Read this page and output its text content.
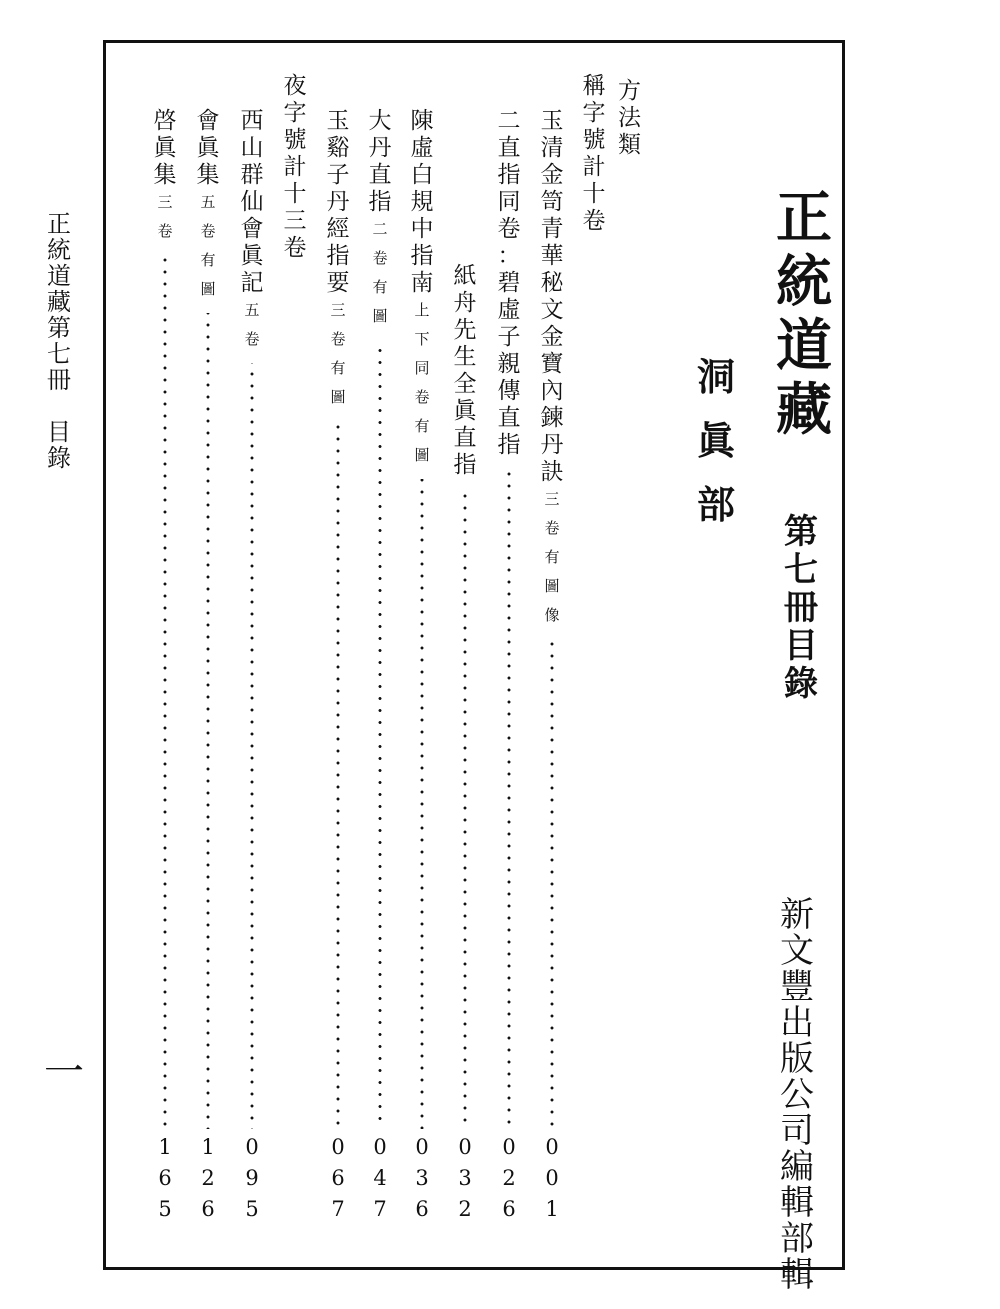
正
統
道
藏
第
七
冊
目
錄
洞
眞
部
新
文
豐
出
版
公
司
編
輯
部
輯
方
法
類
稱
字
號
計
十
卷
玉
清
金
笥
青
華
秘
文
金
寶
內
鍊
丹
訣
三
卷
有
圖
像
0
0
1
二
直
指
同
卷
：
碧
虛
子
親
傳
直
指
0
2
6
紙
舟
先
生
全
眞
直
指
0
3
2
陳
虛
白
規
中
指
南
上
下
同
卷
有
圖
0
3
6
大
丹
直
指
二
卷
有
圖
0
4
7
玉
谿
子
丹
經
指
要
三
卷
有
圖
0
6
7
夜
字
號
計
十
三
卷
西
山
群
仙
會
眞
記
五
卷
0
9
5
會
眞
集
五
卷
有
圖
1
2
6
啓
眞
集
三
卷
1
6
5
正
統
道
藏
第
七
冊
目
錄
一
